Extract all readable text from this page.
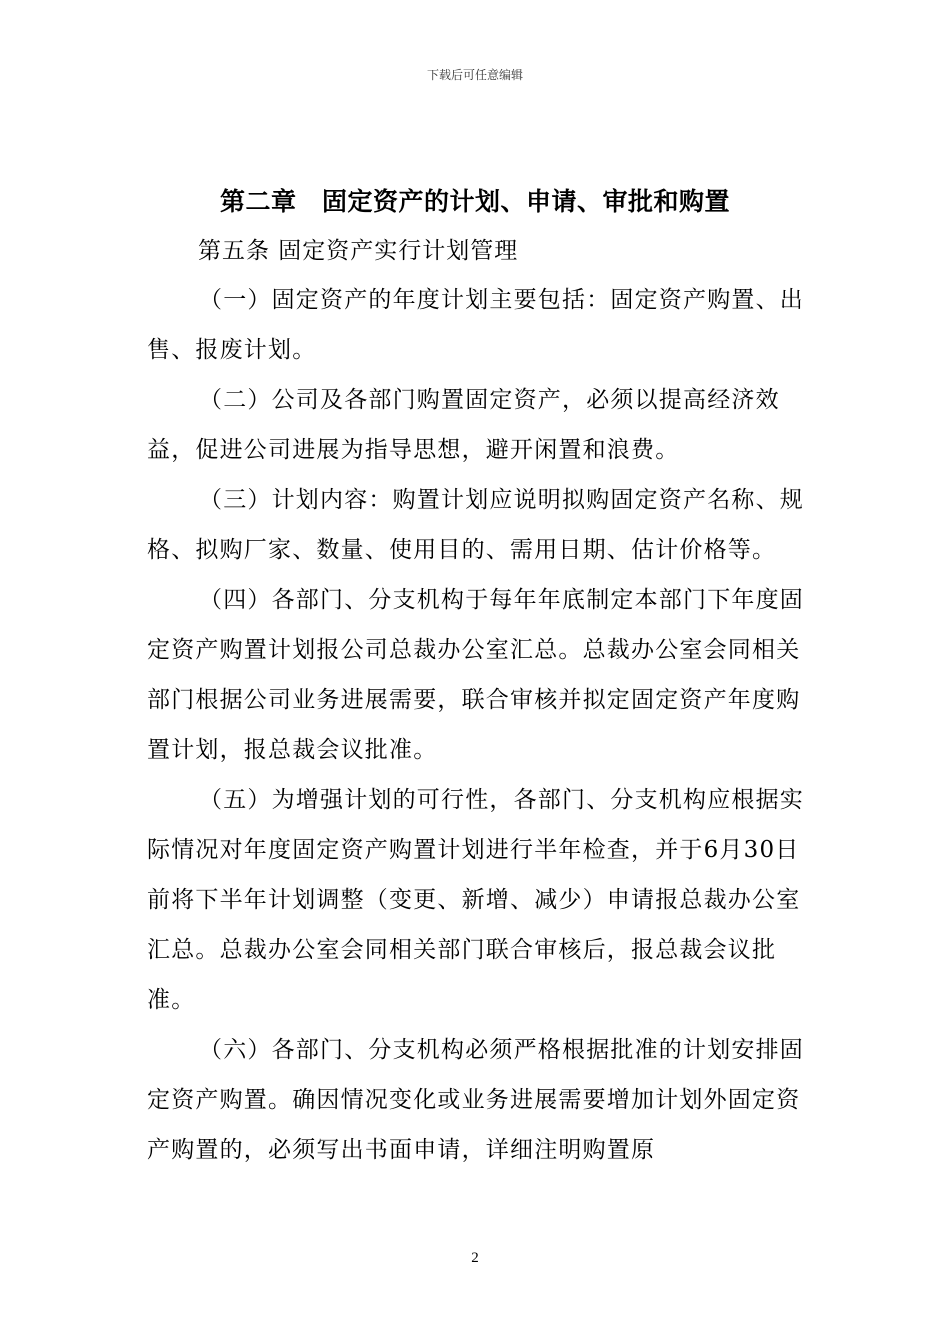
下载后可任意编辑
第二章　固定资产的计划、申请、审批和购置
第五条 固定资产实行计划管理

（一）固定资产的年度计划主要包括：固定资产购置、出售、报废计划。

（二）公司及各部门购置固定资产，必须以提高经济效益，促进公司进展为指导思想，避开闲置和浪费。

（三）计划内容：购置计划应说明拟购固定资产名称、规格、拟购厂家、数量、使用目的、需用日期、估计价格等。

（四）各部门、分支机构于每年年底制定本部门下年度固定资产购置计划报公司总裁办公室汇总。总裁办公室会同相关部门根据公司业务进展需要，联合审核并拟定固定资产年度购置计划，报总裁会议批准。

（五）为增强计划的可行性，各部门、分支机构应根据实际情况对年度固定资产购置计划进行半年检查，并于6月30日前将下半年计划调整（变更、新增、减少）申请报总裁办公室汇总。总裁办公室会同相关部门联合审核后，报总裁会议批准。

（六）各部门、分支机构必须严格根据批准的计划安排固定资产购置。确因情况变化或业务进展需要增加计划外固定资产购置的，必须写出书面申请，详细注明购置原

2
